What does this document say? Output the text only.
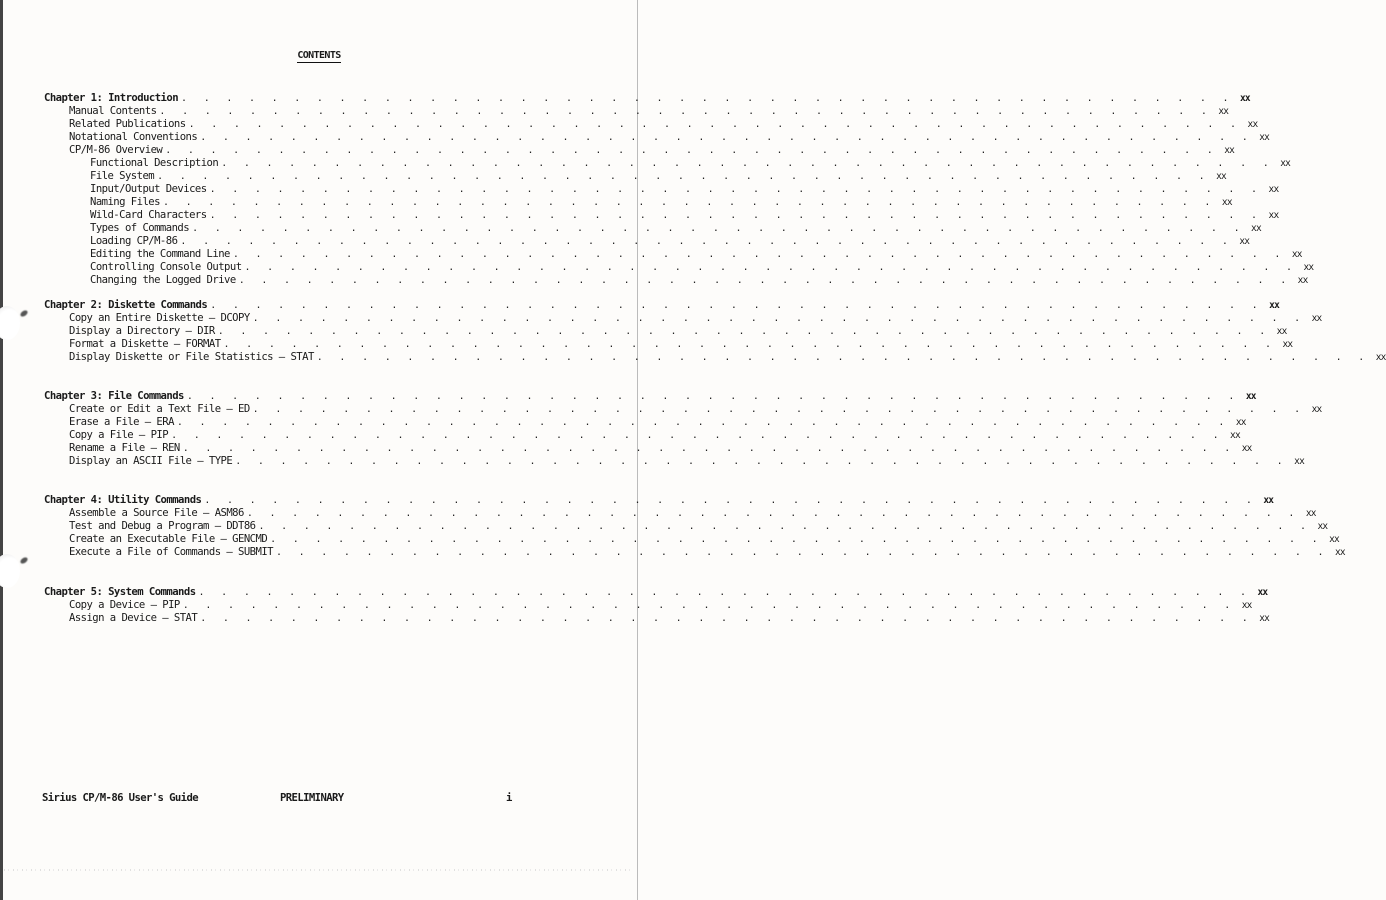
CONTENTS
Chapter 1: Introduction . . . . . . . . . . . . . . . . . . . . . . . . . . . . . . . . . . . . . . . . . . . . . . . xx
Manual Contents . . . . . . . . . . . . . . . . . . . . . . . . . . . . . . . . . . . . . . . . . . . . . . . xx
Related Publications . . . . . . . . . . . . . . . . . . . . . . . . . . . . . . . . . . . . . . . . . . . . . . . xx
Notational Conventions . . . . . . . . . . . . . . . . . . . . . . . . . . . . . . . . . . . . . . . . . . . . . . . xx
CP/M-86 Overview . . . . . . . . . . . . . . . . . . . . . . . . . . . . . . . . . . . . . . . . . . . . . . . xx
Functional Description . . . . . . . . . . . . . . . . . . . . . . . . . . . . . . . . . . . . . . . . . . . . . . . xx
File System . . . . . . . . . . . . . . . . . . . . . . . . . . . . . . . . . . . . . . . . . . . . . . . xx
Input/Output Devices . . . . . . . . . . . . . . . . . . . . . . . . . . . . . . . . . . . . . . . . . . . . . . . xx
Naming Files . . . . . . . . . . . . . . . . . . . . . . . . . . . . . . . . . . . . . . . . . . . . . . . xx
Wild-Card Characters . . . . . . . . . . . . . . . . . . . . . . . . . . . . . . . . . . . . . . . . . . . . . . . xx
Types of Commands . . . . . . . . . . . . . . . . . . . . . . . . . . . . . . . . . . . . . . . . . . . . . . . xx
Loading CP/M-86 . . . . . . . . . . . . . . . . . . . . . . . . . . . . . . . . . . . . . . . . . . . . . . . xx
Editing the Command Line . . . . . . . . . . . . . . . . . . . . . . . . . . . . . . . . . . . . . . . . . . . . . . . xx
Controlling Console Output . . . . . . . . . . . . . . . . . . . . . . . . . . . . . . . . . . . . . . . . . . . . . . . xx
Changing the Logged Drive . . . . . . . . . . . . . . . . . . . . . . . . . . . . . . . . . . . . . . . . . . . . . . . xx
Chapter 2: Diskette Commands . . . . . . . . . . . . . . . . . . . . . . . . . . . . . . . . . . . . . . . . . . . . . . . xx
Copy an Entire Diskette — DCOPY . . . . . . . . . . . . . . . . . . . . . . . . . . . . . . . . . . . . . . . . . . . . . . . xx
Display a Directory — DIR . . . . . . . . . . . . . . . . . . . . . . . . . . . . . . . . . . . . . . . . . . . . . . . xx
Format a Diskette — FORMAT . . . . . . . . . . . . . . . . . . . . . . . . . . . . . . . . . . . . . . . . . . . . . . . xx
Display Diskette or File Statistics — STAT . . . . . . . . . . . . . . . . . . . . . . . . . . . . . . . . . . . . . . . . . . . . . . . xx
Chapter 3: File Commands . . . . . . . . . . . . . . . . . . . . . . . . . . . . . . . . . . . . . . . . . . . . . . . xx
Create or Edit a Text File — ED . . . . . . . . . . . . . . . . . . . . . . . . . . . . . . . . . . . . . . . . . . . . . . . xx
Erase a File — ERA . . . . . . . . . . . . . . . . . . . . . . . . . . . . . . . . . . . . . . . . . . . . . . . xx
Copy a File — PIP . . . . . . . . . . . . . . . . . . . . . . . . . . . . . . . . . . . . . . . . . . . . . . . xx
Rename a File — REN . . . . . . . . . . . . . . . . . . . . . . . . . . . . . . . . . . . . . . . . . . . . . . . xx
Display an ASCII File — TYPE . . . . . . . . . . . . . . . . . . . . . . . . . . . . . . . . . . . . . . . . . . . . . . . xx
Chapter 4: Utility Commands . . . . . . . . . . . . . . . . . . . . . . . . . . . . . . . . . . . . . . . . . . . . . . . xx
Assemble a Source File — ASM86 . . . . . . . . . . . . . . . . . . . . . . . . . . . . . . . . . . . . . . . . . . . . . . . xx
Test and Debug a Program — DDT86 . . . . . . . . . . . . . . . . . . . . . . . . . . . . . . . . . . . . . . . . . . . . . . . xx
Create an Executable File — GENCMD . . . . . . . . . . . . . . . . . . . . . . . . . . . . . . . . . . . . . . . . . . . . . . . xx
Execute a File of Commands — SUBMIT . . . . . . . . . . . . . . . . . . . . . . . . . . . . . . . . . . . . . . . . . . . . . . . xx
Chapter 5: System Commands . . . . . . . . . . . . . . . . . . . . . . . . . . . . . . . . . . . . . . . . . . . . . . . xx
Copy a Device — PIP . . . . . . . . . . . . . . . . . . . . . . . . . . . . . . . . . . . . . . . . . . . . . . . xx
Assign a Device — STAT . . . . . . . . . . . . . . . . . . . . . . . . . . . . . . . . . . . . . . . . . . . . . . . xx
Sirius CP/M-86 User's Guide	PRELIMINARY	i
